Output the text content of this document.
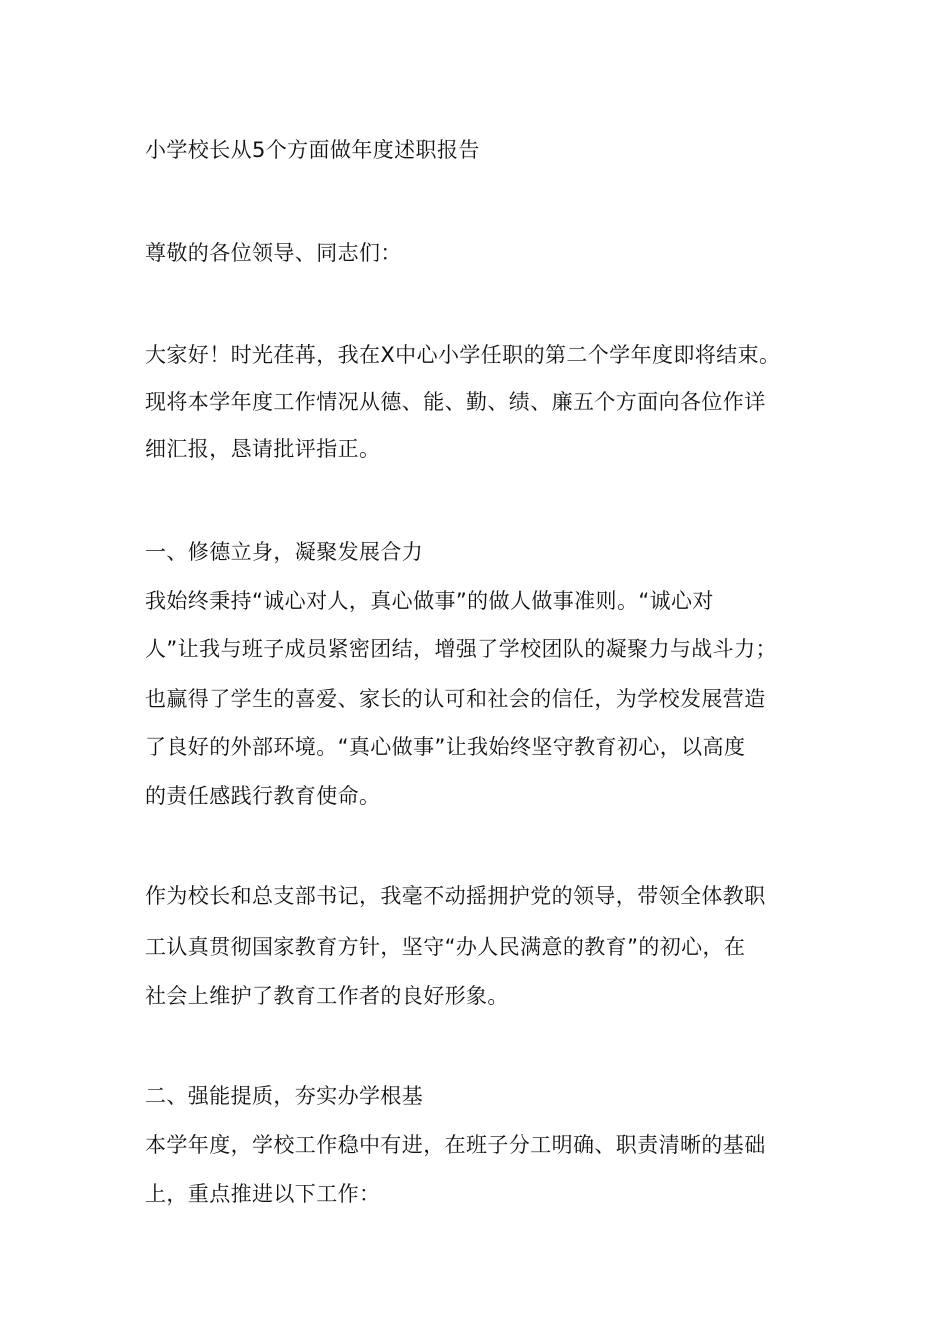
小学校长从5个方面做年度述职报告
尊敬的各位领导、同志们：
大家好！时光荏苒，我在X中心小学任职的第二个学年度即将结束。
现将本学年度工作情况从德、能、勤、绩、廉五个方面向各位作详
细汇报，恳请批评指正。
一、修德立身，凝聚发展合力
我始终秉持“诚心对人，真心做事”的做人做事准则。“诚心对
人”让我与班子成员紧密团结，增强了学校团队的凝聚力与战斗力；
也赢得了学生的喜爱、家长的认可和社会的信任，为学校发展营造
了良好的外部环境。“真心做事”让我始终坚守教育初心，以高度
的责任感践行教育使命。
作为校长和总支部书记，我毫不动摇拥护党的领导，带领全体教职
工认真贯彻国家教育方针，坚守“办人民满意的教育”的初心，在
社会上维护了教育工作者的良好形象。
二、强能提质，夯实办学根基
本学年度，学校工作稳中有进，在班子分工明确、职责清晰的基础
上，重点推进以下工作：
